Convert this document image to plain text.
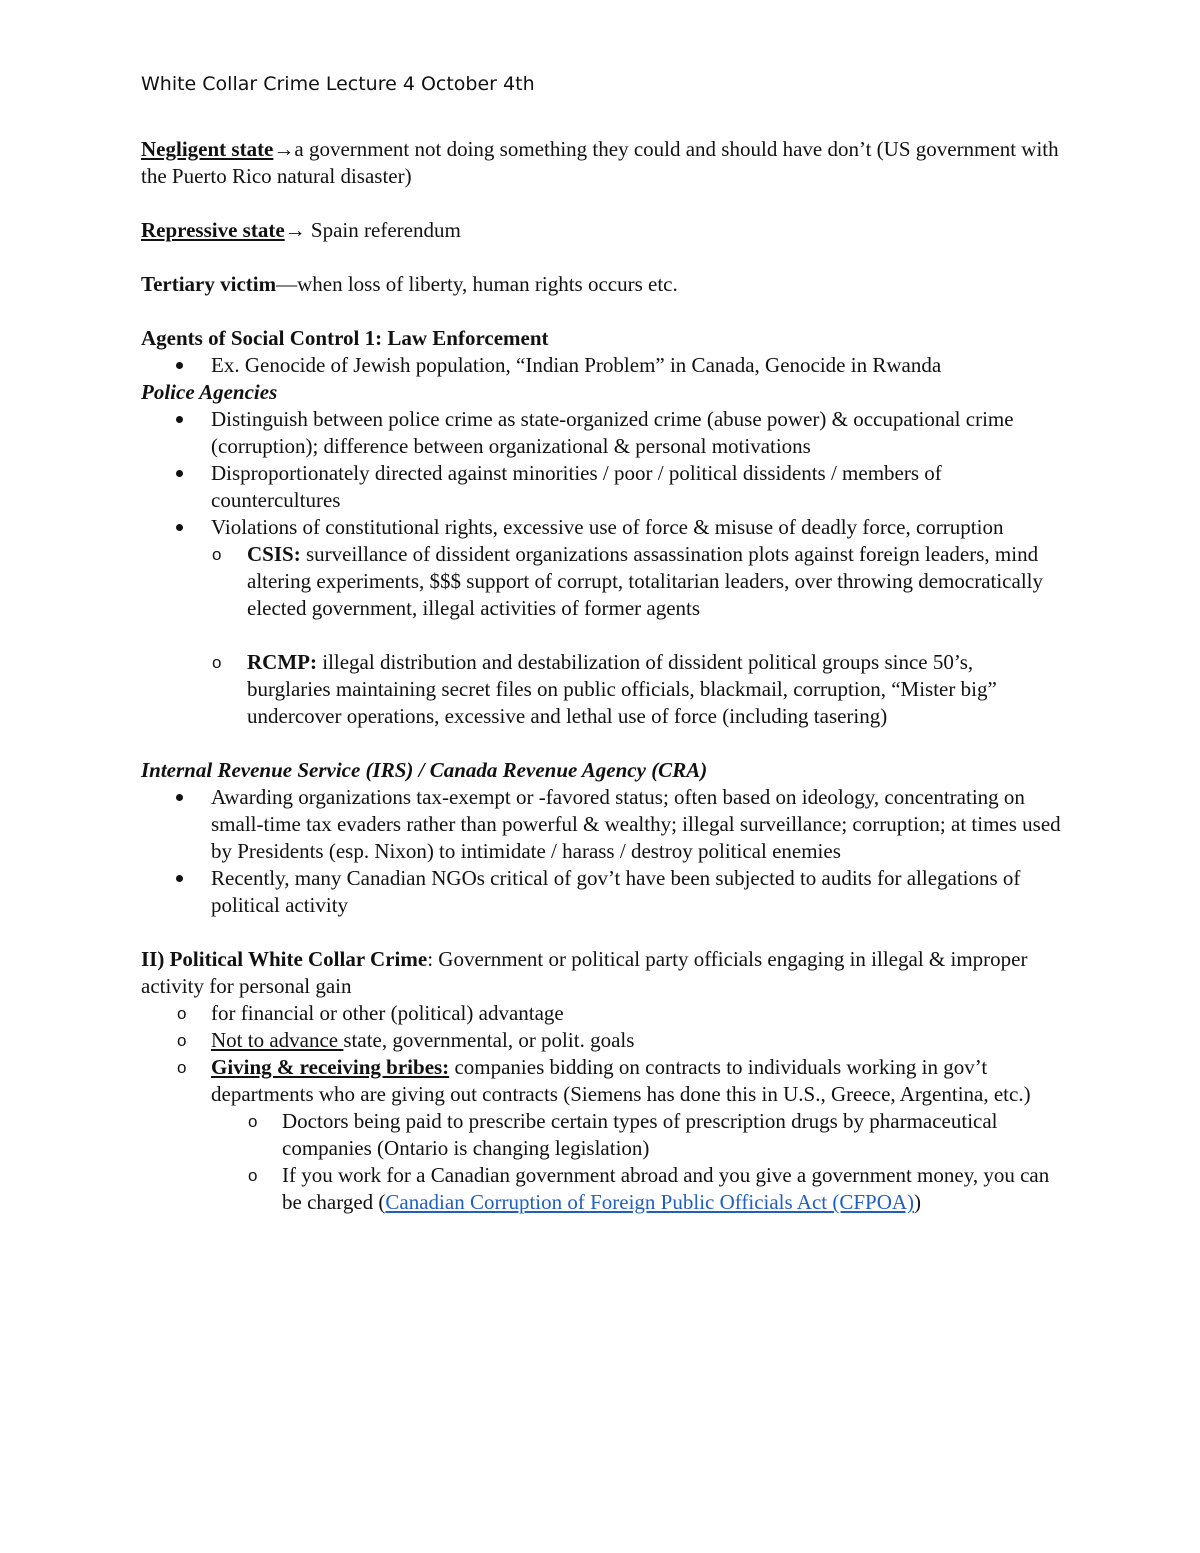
White Collar Crime Lecture 4 October 4th

Negligent state→a government not doing something they could and should have don’t (US government with the Puerto Rico natural disaster)

Repressive state→ Spain referendum

Tertiary victim—when loss of liberty, human rights occurs etc.

Agents of Social Control 1: Law Enforcement

Ex. Genocide of Jewish population, “Indian Problem” in Canada, Genocide in Rwanda

Police Agencies

Distinguish between police crime as state-organized crime (abuse power) & occupational crime (corruption); difference between organizational & personal motivations
Disproportionately directed against minorities / poor / political dissidents / members of countercultures
Violations of constitutional rights, excessive use of force & misuse of deadly force, corruption
o CSIS: surveillance of dissident organizations assassination plots against foreign leaders, mind altering experiments, $$$ support of corrupt, totalitarian leaders, over throwing democratically elected government, illegal activities of former agents
o RCMP: illegal distribution and destabilization of dissident political groups since 50’s, burglaries maintaining secret files on public officials, blackmail, corruption, “Mister big” undercover operations, excessive and lethal use of force (including tasering)

Internal Revenue Service (IRS) / Canada Revenue Agency (CRA)

Awarding organizations tax-exempt or -favored status; often based on ideology, concentrating on small-time tax evaders rather than powerful & wealthy; illegal surveillance; corruption; at times used by Presidents (esp. Nixon) to intimidate / harass / destroy political enemies
Recently, many Canadian NGOs critical of gov’t have been subjected to audits for allegations of political activity

II) Political White Collar Crime: Government or political party officials engaging in illegal & improper activity for personal gain

o for financial or other (political) advantage
o Not to advance state, governmental, or polit. goals
o Giving & receiving bribes: companies bidding on contracts to individuals working in gov’t departments who are giving out contracts (Siemens has done this in U.S., Greece, Argentina, etc.)
o Doctors being paid to prescribe certain types of prescription drugs by pharmaceutical companies (Ontario is changing legislation)
o If you work for a Canadian government abroad and you give a government money, you can be charged (Canadian Corruption of Foreign Public Officials Act (CFPOA))
